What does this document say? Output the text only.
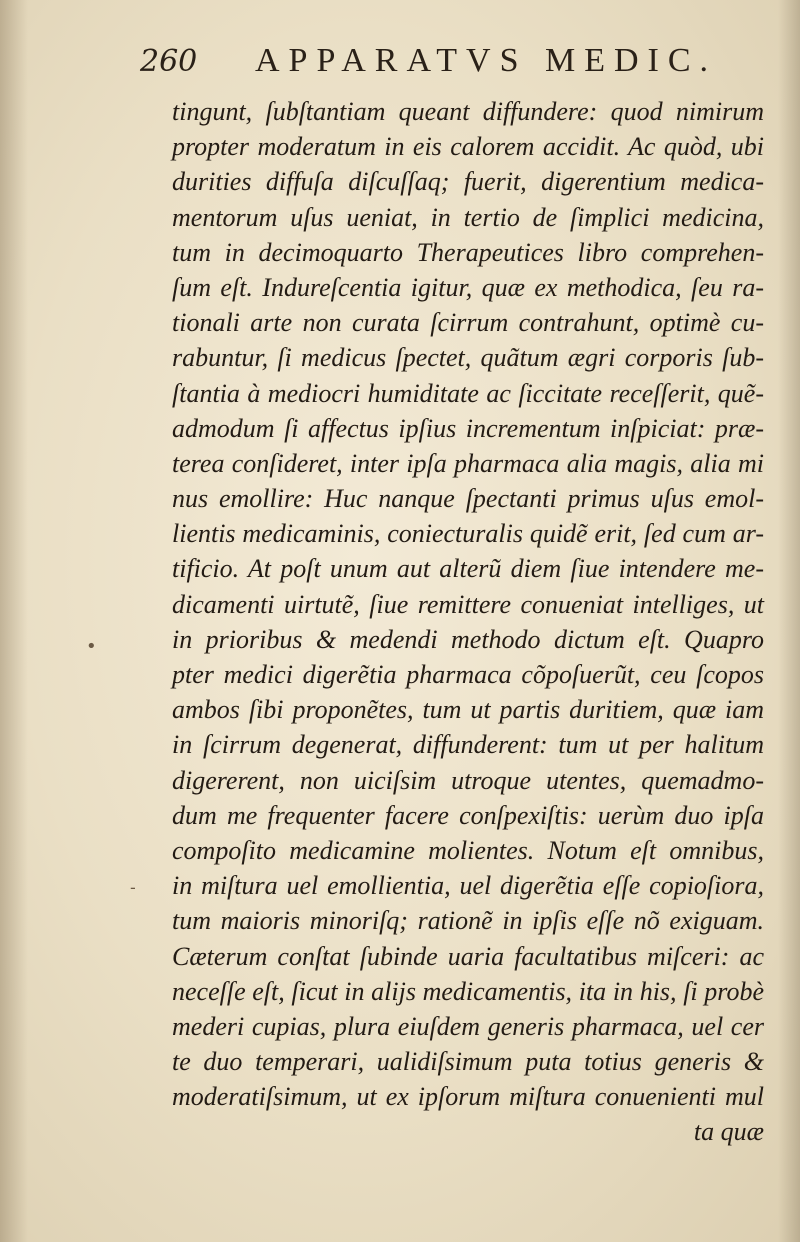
260 APPARATVS MEDIC.
tingunt, ſubſtantiam queant diffundere: quod nimirum
propter moderatum in eis calorem accidit. Ac quòd, ubi
durities diffuſa diſcuſſaq; fuerit, digerentium medica-
mentorum uſus ueniat, in tertio de ſimplici medicina,
tum in decimoquarto Therapeutices libro comprehen-
ſum eſt. Indureſcentia igitur, quæ ex methodica, ſeu ra-
tionali arte non curata ſcirrum contrahunt, optimè cu-
rabuntur, ſi medicus ſpectet, quãtum ægri corporis ſub-
ſtantia à mediocri humiditate ac ſiccitate receſſerit, quẽ-
admodum ſi affectus ipſius incrementum inſpiciat: præ-
terea conſideret, inter ipſa pharmaca alia magis, alia mi
nus emollire: Huc nanque ſpectanti primus uſus emol-
lientis medicaminis, coniecturalis quidẽ erit, ſed cum ar-
tificio. At poſt unum aut alterũ diem ſiue intendere me-
dicamenti uirtutẽ, ſiue remittere conueniat intelliges, ut
in prioribus & medendi methodo dictum eſt. Quapro
pter medici digerẽtia pharmaca cõpoſuerũt, ceu ſcopos
ambos ſibi proponẽtes, tum ut partis duritiem, quæ iam
in ſcirrum degenerat, diffunderent: tum ut per halitum
digererent, non uiciſsim utroque utentes, quemadmo-
dum me frequenter facere conſpexiſtis: uerùm duo ipſa
compoſito medicamine molientes. Notum eſt omnibus,
in miſtura uel emollientia, uel digerẽtia eſſe copioſiora,
tum maioris minoriſq; rationẽ in ipſis eſſe nõ exiguam.
Cæterum conſtat ſubinde uaria facultatibus miſceri: ac
neceſſe eſt, ſicut in alijs medicamentis, ita in his, ſi probè
mederi cupias, plura eiuſdem generis pharmaca, uel cer
te duo temperari, ualidiſsimum puta totius generis &
moderatiſsimum, ut ex ipſorum miſtura conuenienti mul
ta quæ
•
-
